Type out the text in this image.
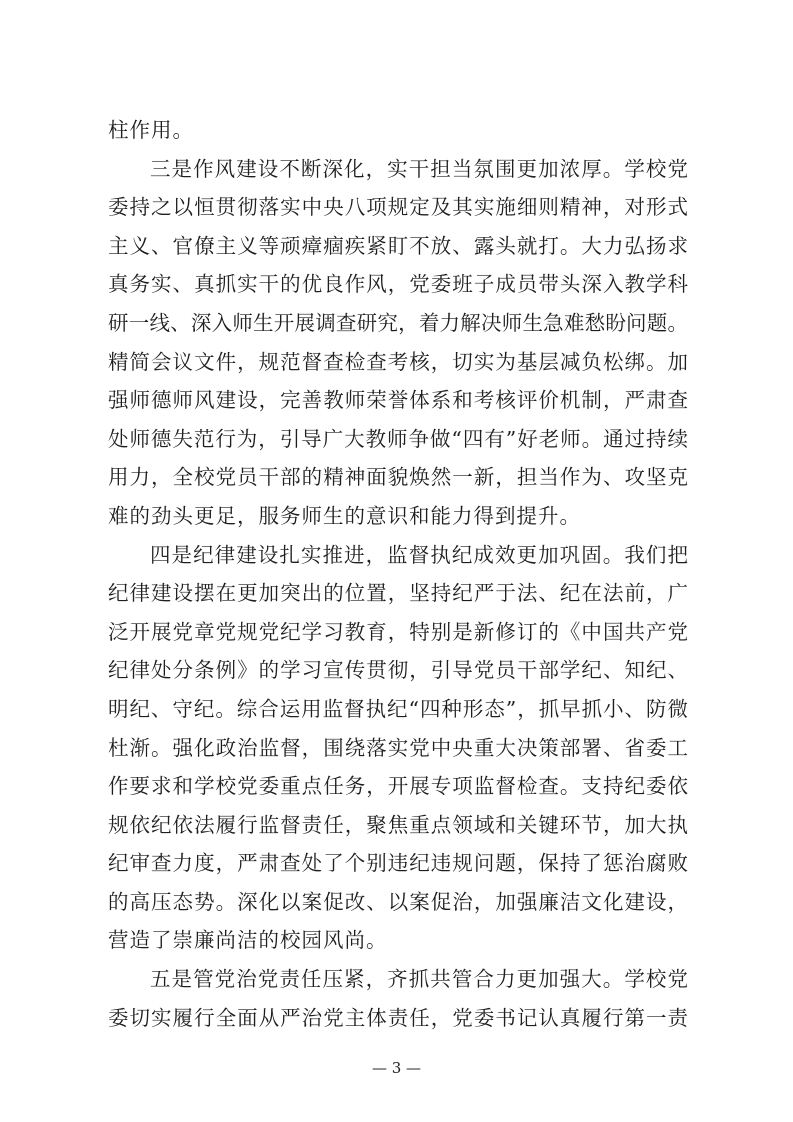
柱作用。
三是作风建设不断深化，实干担当氛围更加浓厚。学校党
委持之以恒贯彻落实中央八项规定及其实施细则精神，对形式
主义、官僚主义等顽瘴痼疾紧盯不放、露头就打。大力弘扬求
真务实、真抓实干的优良作风，党委班子成员带头深入教学科
研一线、深入师生开展调查研究，着力解决师生急难愁盼问题。
精简会议文件，规范督查检查考核，切实为基层减负松绑。加
强师德师风建设，完善教师荣誉体系和考核评价机制，严肃查
处师德失范行为，引导广大教师争做“四有”好老师。通过持续
用力，全校党员干部的精神面貌焕然一新，担当作为、攻坚克
难的劲头更足，服务师生的意识和能力得到提升。
四是纪律建设扎实推进，监督执纪成效更加巩固。我们把
纪律建设摆在更加突出的位置，坚持纪严于法、纪在法前，广
泛开展党章党规党纪学习教育，特别是新修订的《中国共产党
纪律处分条例》的学习宣传贯彻，引导党员干部学纪、知纪、
明纪、守纪。综合运用监督执纪“四种形态”，抓早抓小、防微
杜渐。强化政治监督，围绕落实党中央重大决策部署、省委工
作要求和学校党委重点任务，开展专项监督检查。支持纪委依
规依纪依法履行监督责任，聚焦重点领域和关键环节，加大执
纪审查力度，严肃查处了个别违纪违规问题，保持了惩治腐败
的高压态势。深化以案促改、以案促治，加强廉洁文化建设，
营造了崇廉尚洁的校园风尚。
五是管党治党责任压紧，齐抓共管合力更加强大。学校党
委切实履行全面从严治党主体责任，党委书记认真履行第一责
— 3 —
